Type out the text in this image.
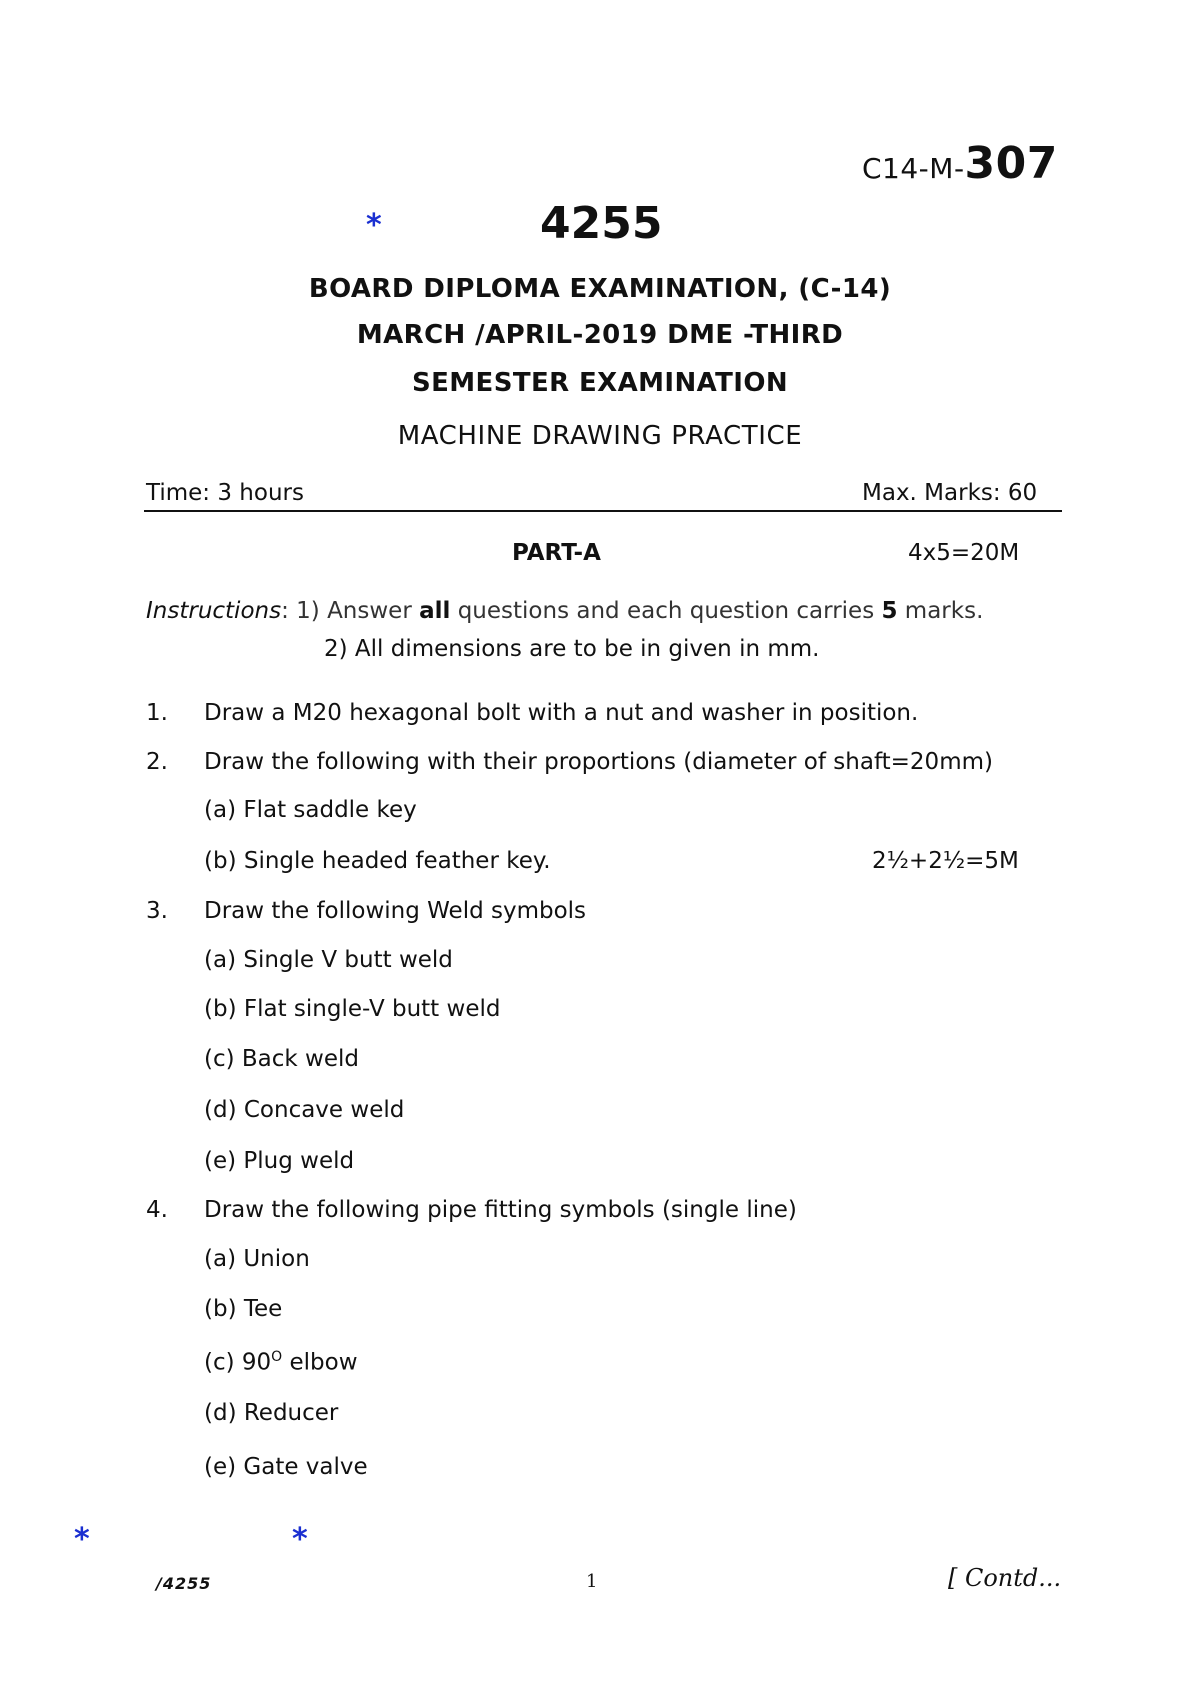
C14-M-307
*	4255
BOARD DIPLOMA EXAMINATION, (C-14)
MARCH /APRIL-2019 DME -THIRD
SEMESTER EXAMINATION
MACHINE DRAWING PRACTICE
Time: 3 hours	Max. Marks: 60
PART-A	4x5=20M
Instructions: 1) Answer all questions and each question carries 5 marks.
2) All dimensions are to be in given in mm.
1. Draw a M20 hexagonal bolt with a nut and washer in position.
2. Draw the following with their proportions (diameter of shaft=20mm)
(a) Flat saddle key
(b) Single headed feather key.	2½+2½=5M
3. Draw the following Weld symbols
(a) Single V butt weld
(b) Flat single-V butt weld
(c) Back weld
(d) Concave weld
(e) Plug weld
4. Draw the following pipe fitting symbols (single line)
(a) Union
(b) Tee
(c) $90^O$ elbow
(d) Reducer
(e) Gate valve
*	*
/4255	1	[ Contd...
